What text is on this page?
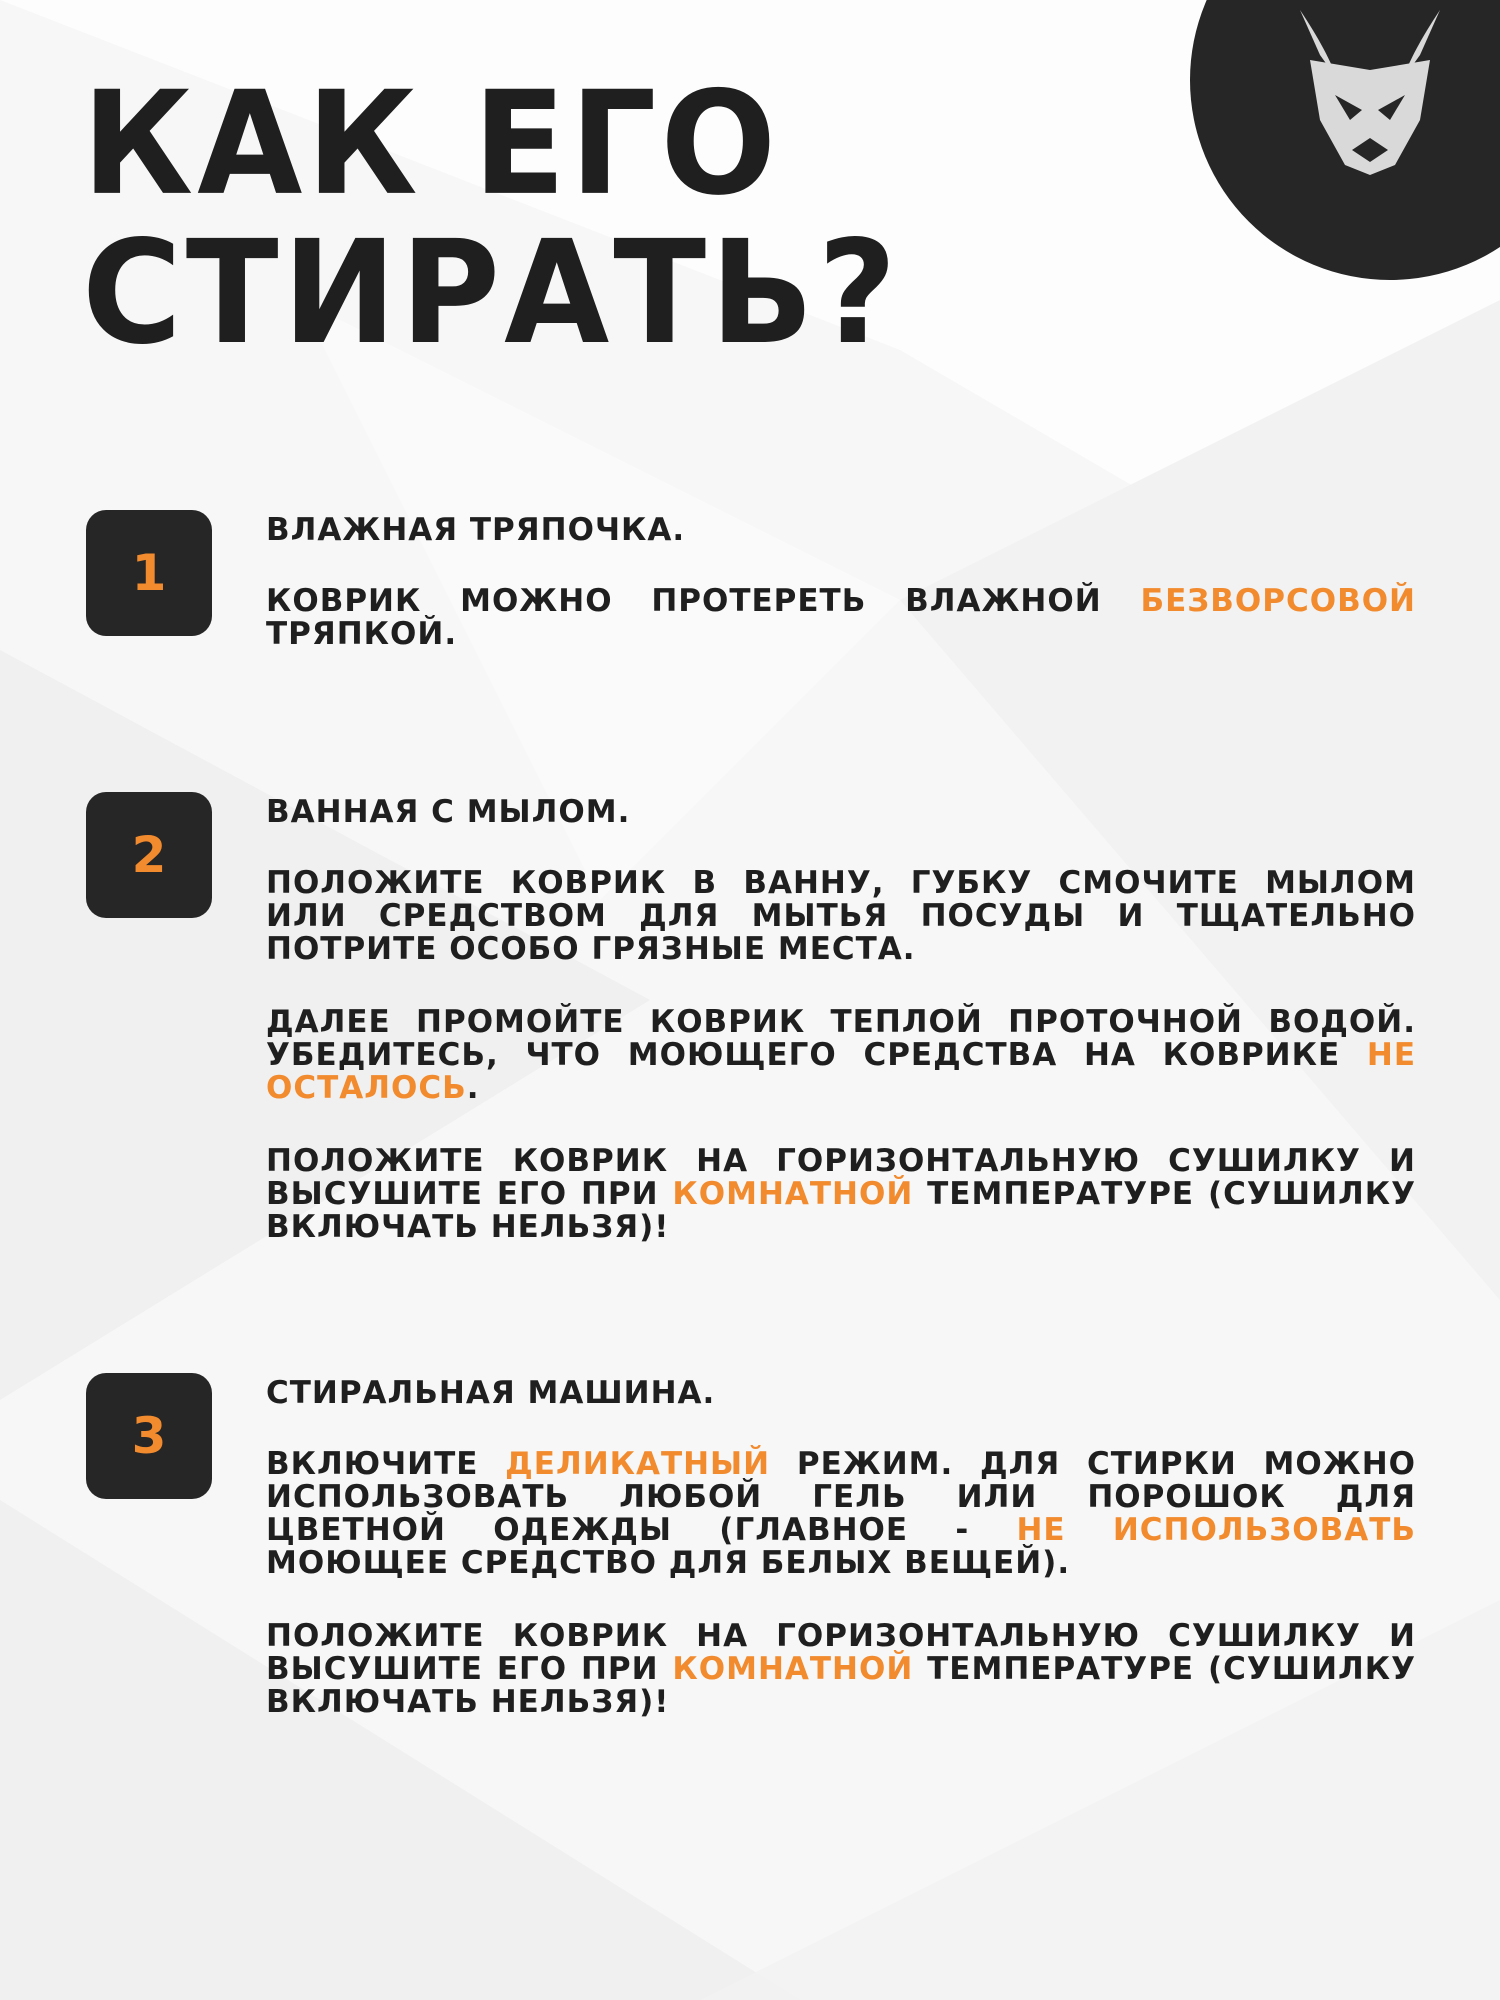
КАК ЕГО
СТИРАТЬ?
1

ВЛАЖНАЯ ТРЯПОЧКА.

КОВРИК МОЖНО ПРОТЕРЕТЬ ВЛАЖНОЙ БЕЗВОРСОВОЙ ТРЯПКОЙ.

2

ВАННАЯ С МЫЛОМ.

ПОЛОЖИТЕ КОВРИК В ВАННУ, ГУБКУ СМОЧИТЕ МЫЛОМ ИЛИ СРЕДСТВОМ ДЛЯ МЫТЬЯ ПОСУДЫ И ТЩАТЕЛЬНО ПОТРИТЕ ОСОБО ГРЯЗНЫЕ МЕСТА.

ДАЛЕЕ ПРОМОЙТЕ КОВРИК ТЕПЛОЙ ПРОТОЧНОЙ ВОДОЙ. УБЕДИТЕСЬ, ЧТО МОЮЩЕГО СРЕДСТВА НА КОВРИКЕ НЕ ОСТАЛОСЬ.

ПОЛОЖИТЕ КОВРИК НА ГОРИЗОНТАЛЬНУЮ СУШИЛКУ И ВЫСУШИТЕ ЕГО ПРИ КОМНАТНОЙ ТЕМПЕРАТУРЕ (СУШИЛКУ ВКЛЮЧАТЬ НЕЛЬЗЯ)!

3

СТИРАЛЬНАЯ МАШИНА.

ВКЛЮЧИТЕ ДЕЛИКАТНЫЙ РЕЖИМ. ДЛЯ СТИРКИ МОЖНО ИСПОЛЬЗОВАТЬ ЛЮБОЙ ГЕЛЬ ИЛИ ПОРОШОК ДЛЯ ЦВЕТНОЙ ОДЕЖДЫ (ГЛАВНОЕ - НЕ ИСПОЛЬЗОВАТЬ МОЮЩЕЕ СРЕДСТВО ДЛЯ БЕЛЫХ ВЕЩЕЙ).

ПОЛОЖИТЕ КОВРИК НА ГОРИЗОНТАЛЬНУЮ СУШИЛКУ И ВЫСУШИТЕ ЕГО ПРИ КОМНАТНОЙ ТЕМПЕРАТУРЕ (СУШИЛКУ ВКЛЮЧАТЬ НЕЛЬЗЯ)!
